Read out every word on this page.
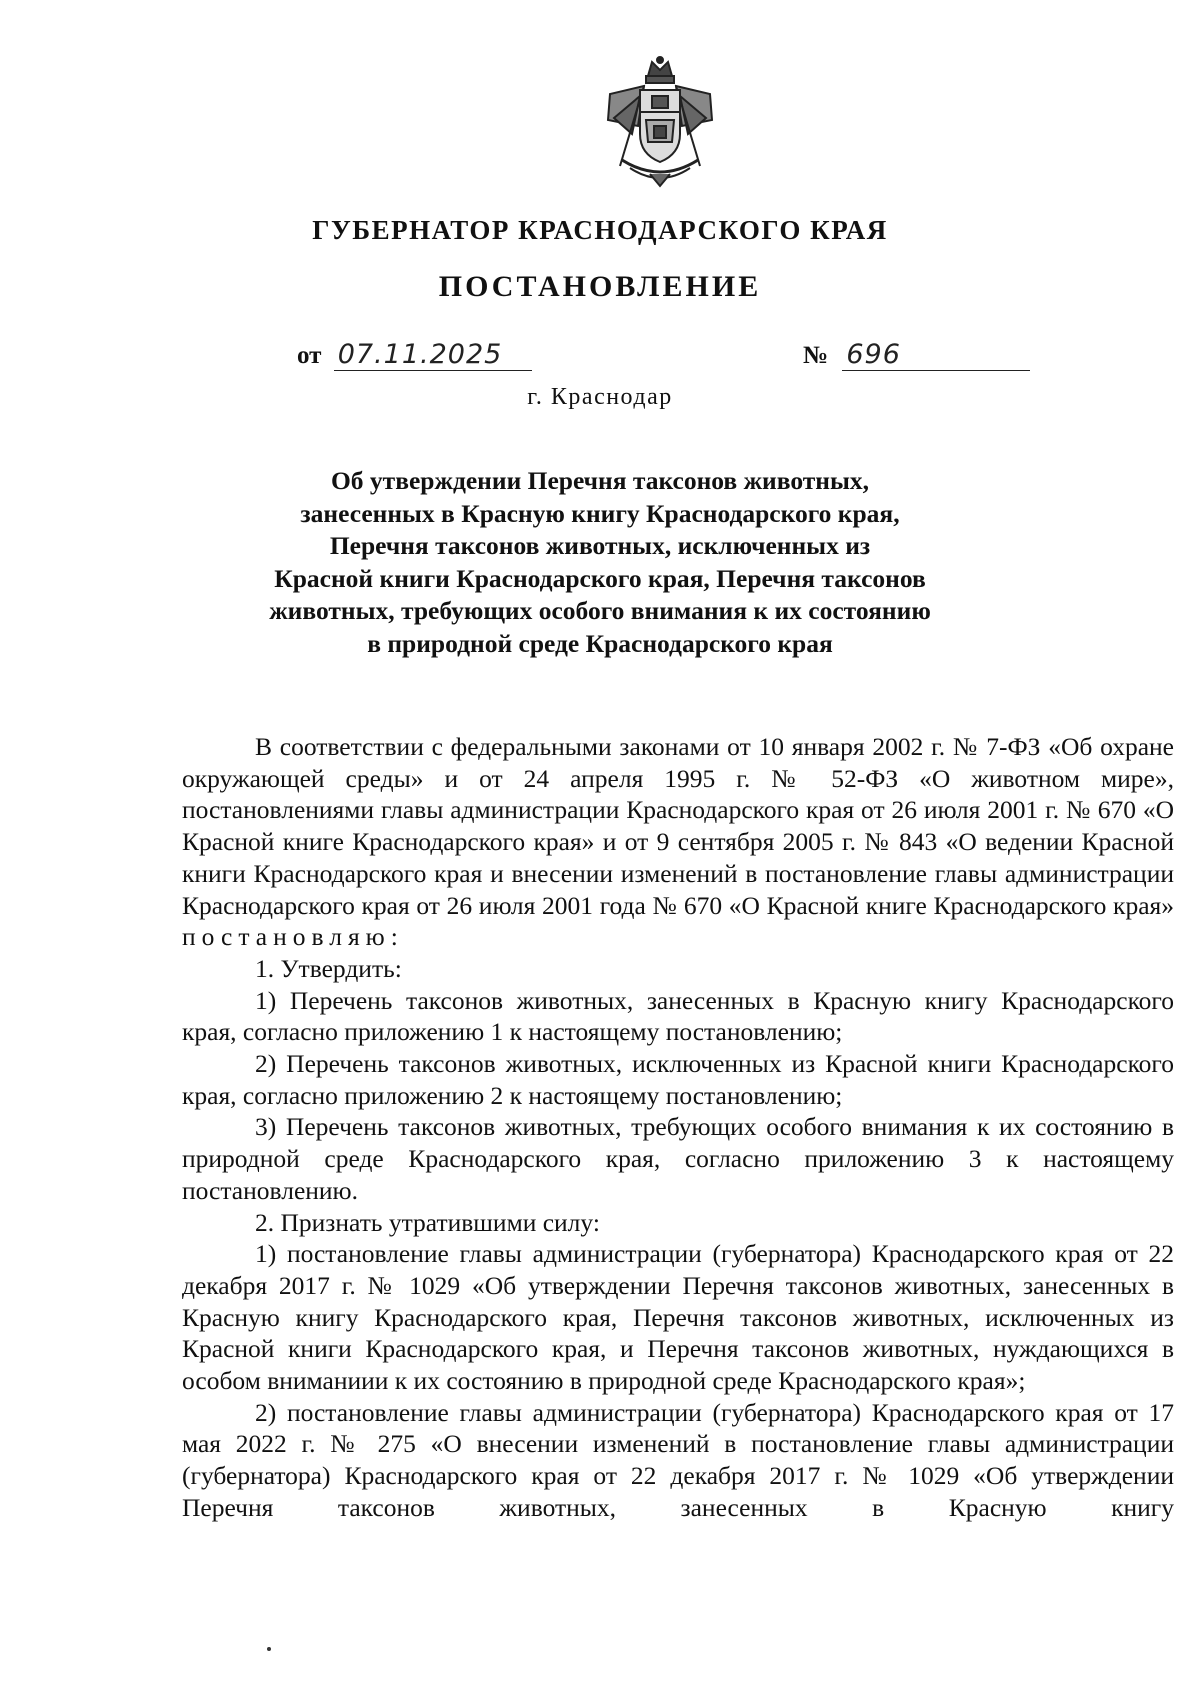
ГУБЕРНАТОР КРАСНОДАРСКОГО КРАЯ
ПОСТАНОВЛЕНИЕ
от 07.11.2025	№ 696
г. Краснодар
Об утверждении Перечня таксонов животных,
занесенных в Красную книгу Краснодарского края,
Перечня таксонов животных, исключенных из
Красной книги Краснодарского края, Перечня таксонов
животных, требующих особого внимания к их состоянию
в природной среде Краснодарского края

В соответствии с федеральными законами от 10 января 2002 г. № 7-ФЗ «Об охране окружающей среды» и от 24 апреля 1995 г. № 52-ФЗ «О животном мире», постановлениями главы администрации Краснодарского края от 26 июля 2001 г. № 670 «О Красной книге Краснодарского края» и от 9 сентября 2005 г. № 843 «О ведении Красной книги Краснодарского края и внесении изменений в постановление главы администрации Краснодарского края от 26 июля 2001 года № 670 «О Красной книге Краснодарского края» постановляю:

1. Утвердить:

1) Перечень таксонов животных, занесенных в Красную книгу Краснодарского края, согласно приложению 1 к настоящему постановлению;

2) Перечень таксонов животных, исключенных из Красной книги Краснодарского края, согласно приложению 2 к настоящему постановлению;

3) Перечень таксонов животных, требующих особого внимания к их состоянию в природной среде Краснодарского края, согласно приложению 3 к настоящему постановлению.

2. Признать утратившими силу:

1) постановление главы администрации (губернатора) Краснодарского края от 22 декабря 2017 г. № 1029 «Об утверждении Перечня таксонов животных, занесенных в Красную книгу Краснодарского края, Перечня таксонов животных, исключенных из Красной книги Краснодарского края, и Перечня таксонов животных, нуждающихся в особом вниманиии к их состоянию в природной среде Краснодарского края»;

2) постановление главы администрации (губернатора) Краснодарского края от 17 мая 2022 г. № 275 «О внесении изменений в постановление главы администрации (губернатора) Краснодарского края от 22 декабря 2017 г. № 1029 «Об утверждении Перечня таксонов животных, занесенных в Красную книгу
